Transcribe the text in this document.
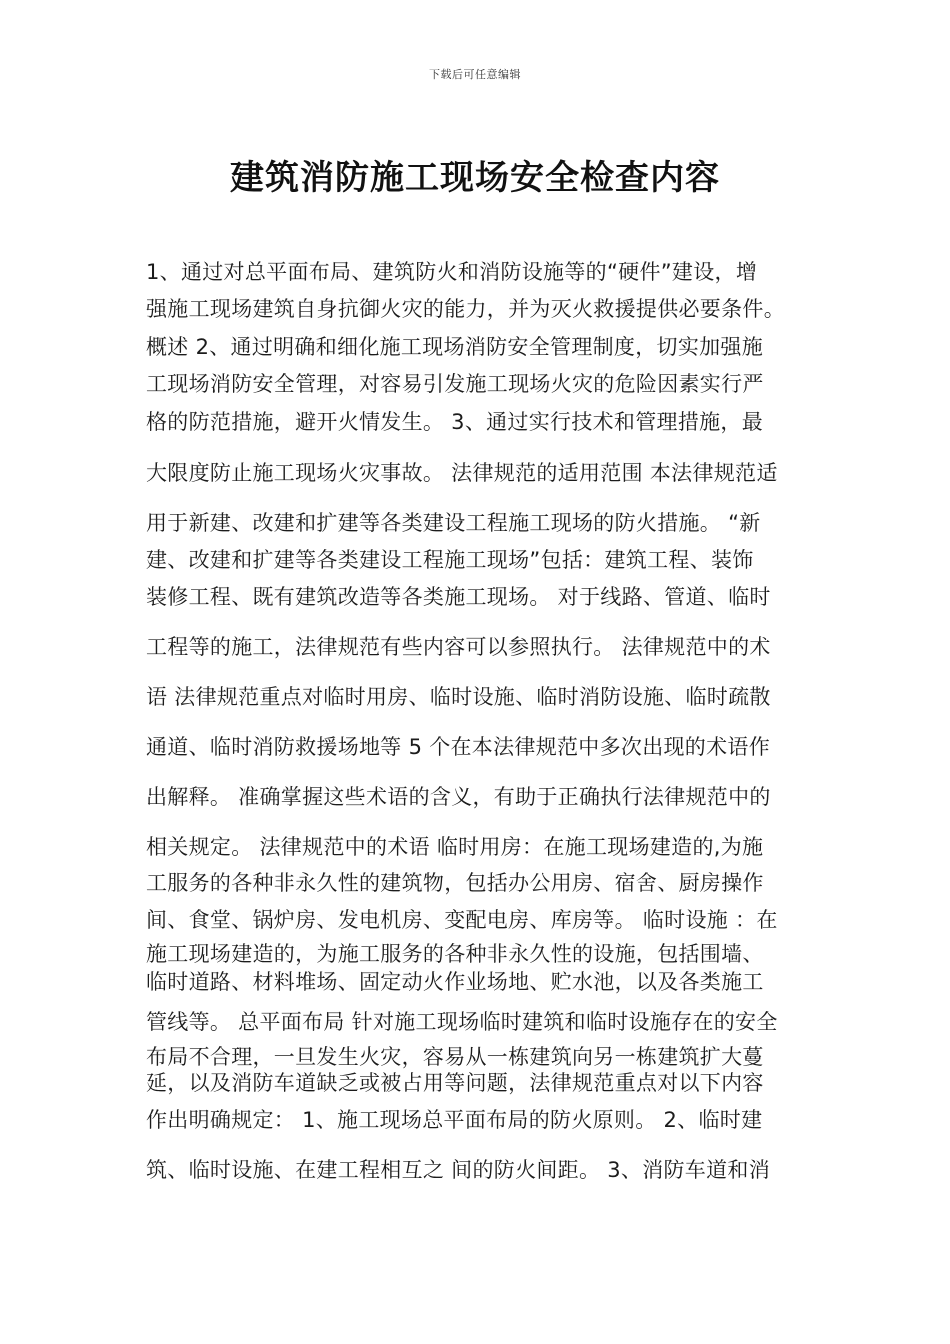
下载后可任意编辑
建筑消防施工现场安全检查内容
1、通过对总平面布局、建筑防火和消防设施等的“硬件”建设，增
强施工现场建筑自身抗御火灾的能力，并为灭火救援提供必要条件。
概述 2、通过明确和细化施工现场消防安全管理制度，切实加强施
工现场消防安全管理，对容易引发施工现场火灾的危险因素实行严
格的防范措施，避开火情发生。 3、通过实行技术和管理措施，最
大限度防止施工现场火灾事故。 法律规范的适用范围 本法律规范适
用于新建、改建和扩建等各类建设工程施工现场的防火措施。 “新
建、改建和扩建等各类建设工程施工现场”包括：建筑工程、装饰
装修工程、既有建筑改造等各类施工现场。 对于线路、管道、临时
工程等的施工，法律规范有些内容可以参照执行。 法律规范中的术
语 法律规范重点对临时用房、临时设施、临时消防设施、临时疏散
通道、临时消防救援场地等 5 个在本法律规范中多次出现的术语作
出解释。 准确掌握这些术语的含义，有助于正确执行法律规范中的
相关规定。 法律规范中的术语 临时用房：在施工现场建造的,为施
工服务的各种非永久性的建筑物，包括办公用房、宿舍、厨房操作
间、食堂、锅炉房、发电机房、变配电房、库房等。 临时设施 ：在
施工现场建造的，为施工服务的各种非永久性的设施，包括围墙、
临时道路、材料堆场、固定动火作业场地、贮水池，以及各类施工
管线等。 总平面布局 针对施工现场临时建筑和临时设施存在的安全
布局不合理，一旦发生火灾，容易从一栋建筑向另一栋建筑扩大蔓
延，以及消防车道缺乏或被占用等问题，法律规范重点对以下内容
作出明确规定： 1、施工现场总平面布局的防火原则。 2、临时建
筑、临时设施、在建工程相互之 间的防火间距。 3、消防车道和消
